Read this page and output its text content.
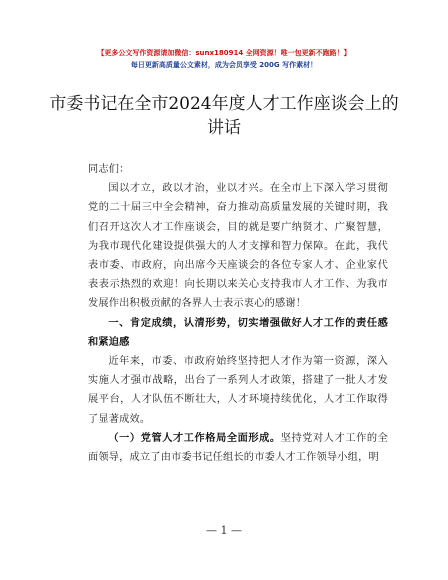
【更多公文写作资源请加微信：sunx180914 全网资源！唯一包更新不跑路！】
每日更新高质量公文素材，成为会员享受 200G 写作素材！
市委书记在全市2024年度人才工作座谈会上的
讲话

同志们：

国以才立，政以才治，业以才兴。在全市上下深入学习贯彻党的二十届三中全会精神，奋力推动高质量发展的关键时期，我们召开这次人才工作座谈会，目的就是要广纳贤才、广聚智慧，为我市现代化建设提供强大的人才支撑和智力保障。在此，我代表市委、市政府，向出席今天座谈会的各位专家人才、企业家代表表示热烈的欢迎！向长期以来关心支持我市人才工作、为我市发展作出积极贡献的各界人士表示衷心的感谢！

一、肯定成绩，认清形势，切实增强做好人才工作的责任感和紧迫感

近年来，市委、市政府始终坚持把人才作为第一资源，深入实施人才强市战略，出台了一系列人才政策，搭建了一批人才发展平台，人才队伍不断壮大，人才环境持续优化，人才工作取得了显著成效。

（一）党管人才工作格局全面形成。坚持党对人才工作的全面领导，成立了由市委书记任组长的市委人才工作领导小组，明

— 1 —
